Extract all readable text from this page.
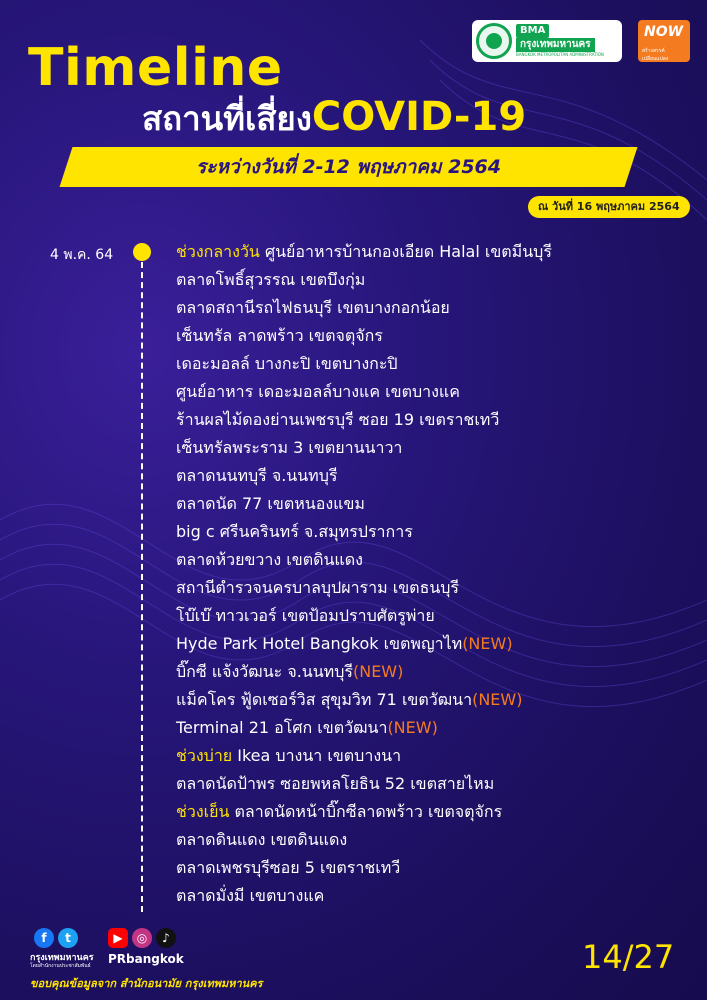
Timeline
สถานที่เสี่ยงCOVID-19
ระหว่างวันที่ 2-12 พฤษภาคม 2564
ณ วันที่ 16 พฤษภาคม 2564
BMA
กรุงเทพมหานคร
BANGKOK METROPOLITAN ADMINISTRATION
NOW
สร้างสรรค์ เปลี่ยนแปลง
4 พ.ค. 64	ช่วงกลางวัน ศูนย์อาหารบ้านกองเอียด Halal เขตมีนบุรี
ตลาดโพธิ์สุวรรณ เขตบึงกุ่ม
ตลาดสถานีรถไฟธนบุรี เขตบางกอกน้อย
เซ็นทรัล ลาดพร้าว เขตจตุจักร
เดอะมอลล์ บางกะปิ เขตบางกะปิ
ศูนย์อาหาร เดอะมอลล์บางแค เขตบางแค
ร้านผลไม้ดองย่านเพชรบุรี ซอย 19 เขตราชเทวี
เซ็นทรัลพระราม 3 เขตยานนาวา
ตลาดนนทบุรี จ.นนทบุรี
ตลาดนัด 77 เขตหนองแขม
big c ศรีนครินทร์ จ.สมุทรปราการ
ตลาดห้วยขวาง เขตดินแดง
สถานีตำรวจนครบาลบุปผาราม เขตธนบุรี
โบ๊เบ๊ ทาวเวอร์ เขตป้อมปราบศัตรูพ่าย
Hyde Park Hotel Bangkok เขตพญาไท(NEW)
บิ๊กซี แจ้งวัฒนะ จ.นนทบุรี(NEW)
แม็คโคร ฟู้ดเซอร์วิส สุขุมวิท 71 เขตวัฒนา(NEW)
Terminal 21 อโศก เขตวัฒนา(NEW)
ช่วงบ่าย Ikea บางนา เขตบางนา
ตลาดนัดป้าพร ซอยพหลโยธิน 52 เขตสายไหม
ช่วงเย็น ตลาดนัดหน้าบิ๊กซีลาดพร้าว เขตจตุจักร
ตลาดดินแดง เขตดินแดง
ตลาดเพชรบุรีซอย 5 เขตราชเทวี
ตลาดมั่งมี เขตบางแค
f	t	▶	◎	♪
กรุงเทพมหานคร
โดยสำนักงานประชาสัมพันธ์ PRbangkok
ขอบคุณข้อมูลจาก สำนักอนามัย กรุงเทพมหานคร
14/27
